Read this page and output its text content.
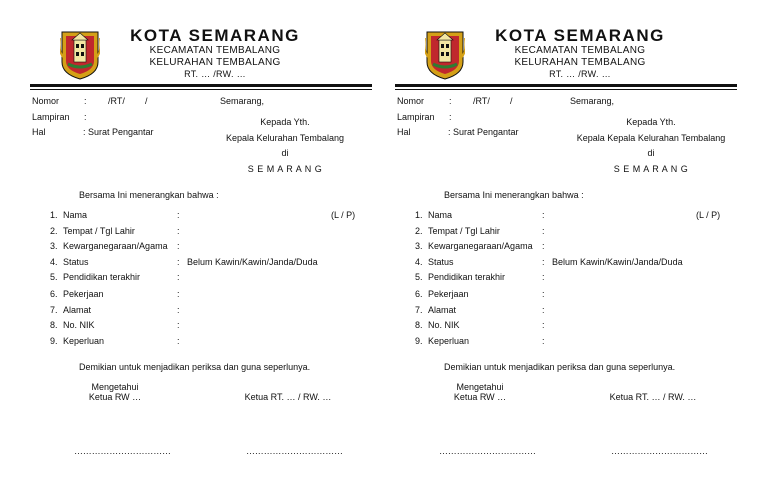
KOTA SEMARANG
KECAMATAN TEMBALANG
KELURAHAN TEMBALANG
RT. … /RW. …
Nomor	: /RT/ /	Semarang,
Lampiran :
Hal	: Surat Pengantar
Kepada Yth.
Kepala Kelurahan Tembalang
di
S E M A R A N G
Bersama Ini menerangkan bahwa :
1. Nama	:	(L / P)
2. Tempat / Tgl Lahir	:
3. Kewarganegaraan/Agama :
4. Status	: Belum Kawin/Kawin/Janda/Duda
5. Pendidikan terakhir	:
6. Pekerjaan	:
7. Alamat	:
8. No. NIK	:
9. Keperluan	:
Demikian untuk menjadikan periksa dan guna seperlunya.
Mengetahui
Ketua RW …	Ketua RT. … / RW. …
……………………………	……………………………
KOTA SEMARANG
KECAMATAN TEMBALANG
KELURAHAN TEMBALANG
RT. … /RW. …
Nomor	: /RT/ /	Semarang,
Lampiran :
Hal	: Surat Pengantar
Kepada Yth.
Kepala Kepala Kelurahan Tembalang
di
S E M A R A N G
Bersama Ini menerangkan bahwa :
1. Nama	:	(L / P)
2. Tempat / Tgl Lahir	:
3. Kewarganegaraan/Agama :
4. Status	: Belum Kawin/Kawin/Janda/Duda
5. Pendidikan terakhir	:
6. Pekerjaan	:
7. Alamat	:
8. No. NIK	:
9. Keperluan	:
Demikian untuk menjadikan periksa dan guna seperlunya.
Mengetahui
Ketua RW …	Ketua RT. … / RW. …
……………………………	……………………………
